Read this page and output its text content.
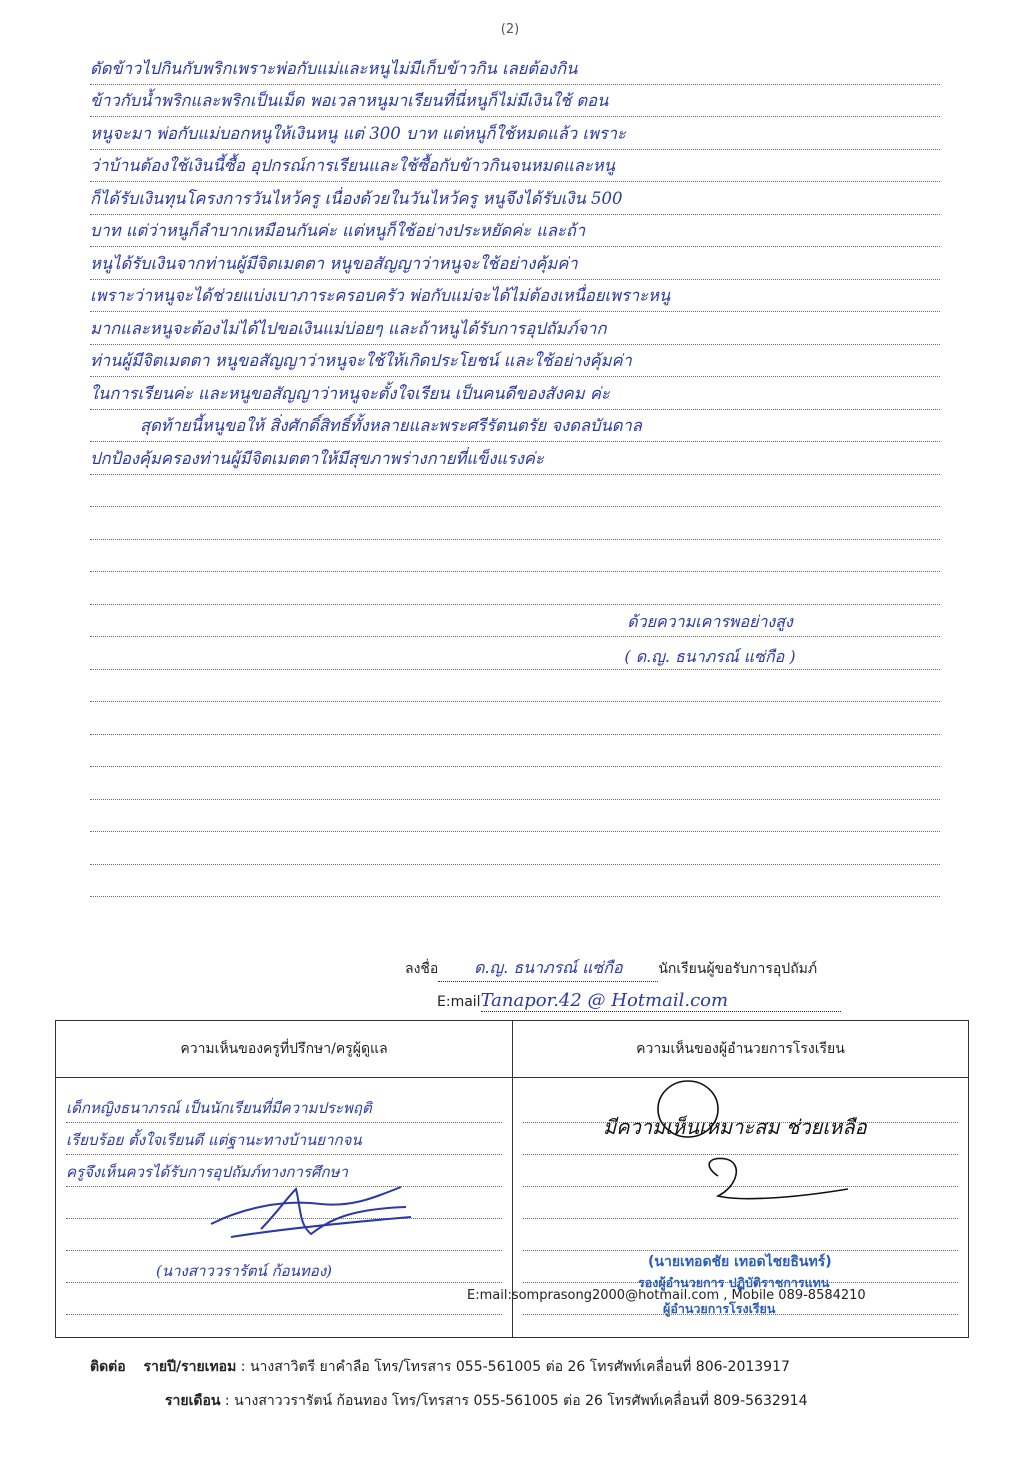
(2)
ดัดข้าวไปกินกับพริกเพราะพ่อกับแม่และหนูไม่มีเก็บข้าวกิน เลยต้องกิน
ข้าวกับน้ำพริกและพริกเป็นเม็ด พอเวลาหนูมาเรียนที่นี่หนูก็ไม่มีเงินใช้ ตอน
หนูจะมา พ่อกับแม่บอกหนูให้เงินหนู แต่ 300 บาท แต่หนูก็ใช้หมดแล้ว เพราะ
ว่าบ้านต้องใช้เงินนี้ซื้อ อุปกรณ์การเรียนและใช้ซื้อกับข้าวกินจนหมดและหนู
ก็ได้รับเงินทุนโครงการวันไหว้ครู เนื่องด้วยในวันไหว้ครู หนูจึงได้รับเงิน 500
บาท แต่ว่าหนูก็ลำบากเหมือนกันค่ะ แต่หนูก็ใช้อย่างประหยัดค่ะ และถ้า
หนูได้รับเงินจากท่านผู้มีจิตเมตตา หนูขอสัญญาว่าหนูจะใช้อย่างคุ้มค่า
เพราะว่าหนูจะได้ช่วยแบ่งเบาภาระครอบครัว พ่อกับแม่จะได้ไม่ต้องเหนื่อยเพราะหนู
มากและหนูจะต้องไม่ได้ไปขอเงินแม่บ่อยๆ และถ้าหนูได้รับการอุปถัมภ์จาก
ท่านผู้มีจิตเมตตา หนูขอสัญญาว่าหนูจะใช้ให้เกิดประโยชน์ และใช้อย่างคุ้มค่า
ในการเรียนค่ะ และหนูขอสัญญาว่าหนูจะตั้งใจเรียน เป็นคนดีของสังคม ค่ะ
สุดท้ายนี้หนูขอให้ สิ่งศักดิ์สิทธิ์ทั้งหลายและพระศรีรัตนตรัย จงดลบันดาล
ปกป้องคุ้มครองท่านผู้มีจิตเมตตาให้มีสุขภาพร่างกายที่แข็งแรงค่ะ
ด้วยความเคารพอย่างสูง
( ด.ญ. ธนาภรณ์ แซ่กือ )
ลงชื่อ ด.ญ. ธนาภรณ์ แซ่กือ	นักเรียนผู้ขอรับการอุปถัมภ์
E:mailTanapor.42 @ Hotmail.com
ความเห็นของครูที่ปรึกษา/ครูผู้ดูแล
เด็กหญิงธนาภรณ์ เป็นนักเรียนที่มีความประพฤติ
เรียบร้อย ตั้งใจเรียนดี แต่ฐานะทางบ้านยากจน
ครูจึงเห็นควรได้รับการอุปถัมภ์ทางการศึกษา
(นางสาววรารัตน์ ก้อนทอง)
ความเห็นของผู้อำนวยการโรงเรียน
มีความเห็นเหมาะสม ช่วยเหลือ
(นายเทอดชัย เทอดไชยธินทร์)
รองผู้อำนวยการ ปฏิบัติราชการแทน
ผู้อำนวยการโรงเรียน
E:mail:somprasong2000@hotmail.com , Mobile 089-8584210
ติดต่อ รายปี/รายเทอม : นางสาวิตรี ยาคำลือ โทร/โทรสาร 055-561005 ต่อ 26 โทรศัพท์เคลื่อนที่ 806-2013917
รายเดือน : นางสาววรารัตน์ ก้อนทอง โทร/โทรสาร 055-561005 ต่อ 26 โทรศัพท์เคลื่อนที่ 809-5632914
